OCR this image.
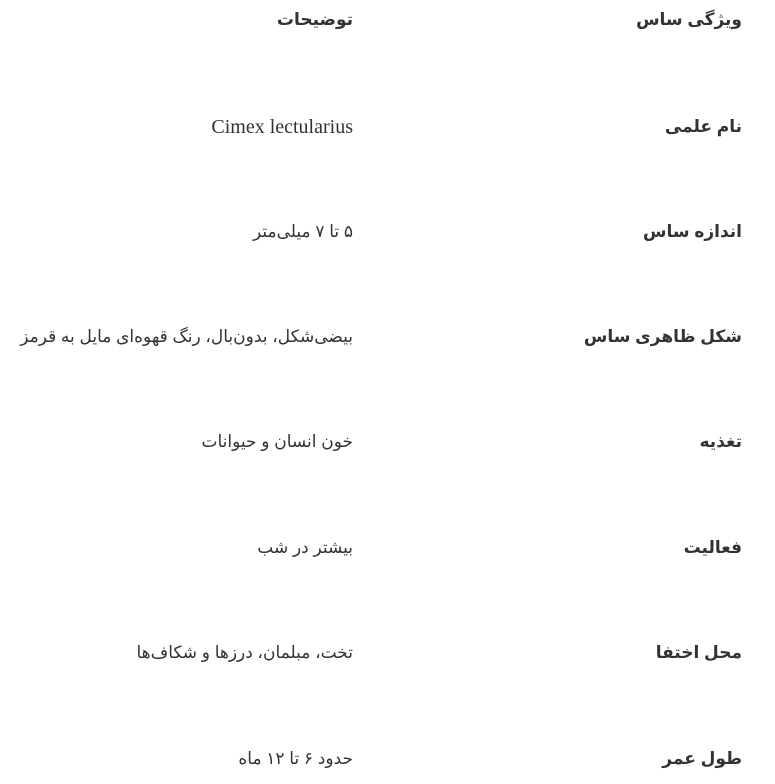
ویژگی ساس
توضیحات
نام علمی
Cimex lectularius
اندازه ساس
۵ تا ۷ میلی‌متر
شکل ظاهری ساس
بیضی‌شکل، بدون‌بال، رنگ قهوه‌ای مایل به قرمز
تغذیه
خون انسان و حیوانات
فعالیت
بیشتر در شب
محل اختفا
تخت، مبلمان، درزها و شکاف‌ها
طول عمر
حدود ۶ تا ۱۲ ماه
